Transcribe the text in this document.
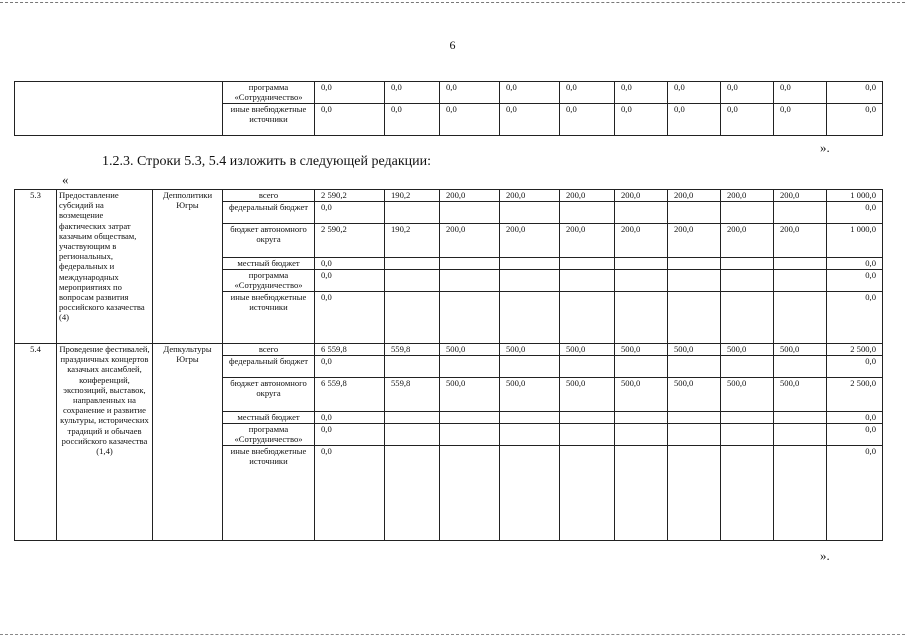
6
	программа «Сотрудничество»	0,0	0,0	0,0	0,0	0,0	0,0	0,0	0,0	0,0	0,0
	иные внебюджетные источники	0,0	0,0	0,0	0,0	0,0	0,0	0,0	0,0	0,0	0,0
».
1.2.3. Строки 5.3, 5.4 изложить в следующей редакции:
«
5.3	Предоставление субсидий на возмещение фактических затрат казачьим обществам, участвующим в региональных, федеральных и международных мероприятиях по вопросам развития российского казачества (4)	Депполитики Югры	всего	2 590,2	190,2	200,0	200,0	200,0	200,0	200,0	200,0	200,0	1 000,0
			федеральный бюджет	0,0									0,0
			бюджет автономного округа	2 590,2	190,2	200,0	200,0	200,0	200,0	200,0	200,0	200,0	1 000,0
			местный бюджет	0,0									0,0
			программа «Сотрудничество»	0,0									0,0
			иные внебюджетные источники	0,0									0,0
5.4	Проведение фестивалей, праздничных концертов казачьих ансамблей, конференций, экспозиций, выставок, направленных на сохранение и развитие культуры, исторических традиций и обычаев российского казачества (1,4)	Депкультуры Югры	всего	6 559,8	559,8	500,0	500,0	500,0	500,0	500,0	500,0	500,0	2 500,0
			федеральный бюджет	0,0									0,0
			бюджет автономного округа	6 559,8	559,8	500,0	500,0	500,0	500,0	500,0	500,0	500,0	2 500,0
			местный бюджет	0,0									0,0
			программа «Сотрудничество»	0,0									0,0
			иные внебюджетные источники	0,0									0,0
».
